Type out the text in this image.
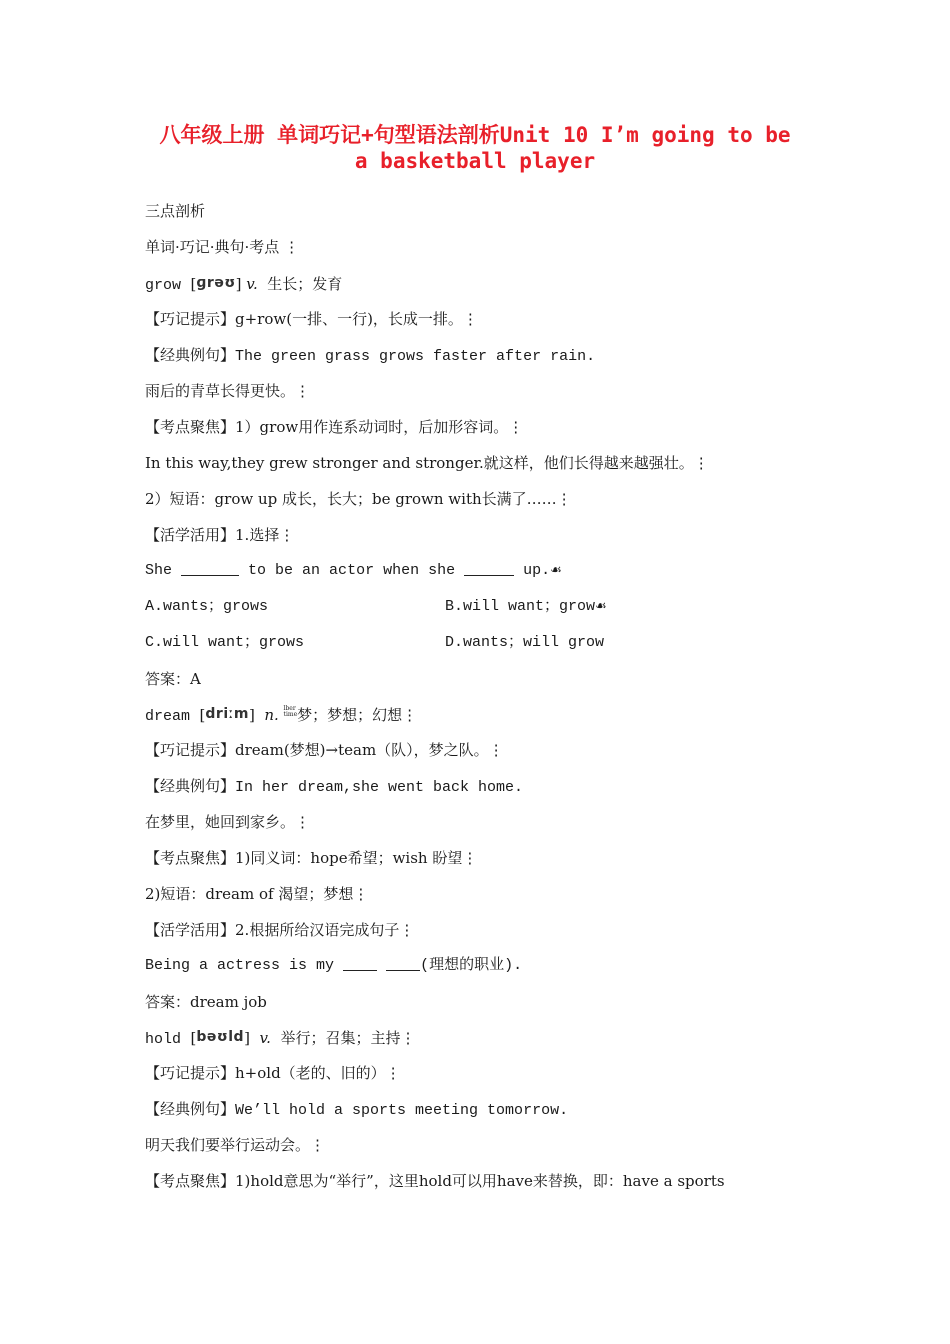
八年级上册 单词巧记+句型语法剖析Unit 10 I’m going to be
a basketball player
三点剖析
单词·巧记·典句·考点 ⋮
grow  [ɡrəʊ] v. 生长；发育
【巧记提示】g+row(一排、一行)，长成一排。⋮
【经典例句】The green grass grows faster after rain.
雨后的青草长得更快。⋮
【考点聚焦】1）grow用作连系动词时，后加形容词。⋮
In this way,they grew stronger and stronger.就这样，他们长得越来越强壮。⋮
2）短语：grow up 成长，长大；be grown with长满了……⋮
【活学活用】1.选择⋮
She	to be an actor when she	up.☙
A.wants；grows	B.will want；grow☙
C.will want；grows	D.wants；will grow
答案：A
dream  [driːm]  n. lber
time梦；梦想；幻想⋮
【巧记提示】dream(梦想)→team（队），梦之队。⋮
【经典例句】In her dream,she went back home.
在梦里，她回到家乡。⋮
【考点聚焦】1)同义词：hope希望；wish 盼望⋮
2)短语：dream of 渴望；梦想⋮
【活学活用】2.根据所给汉语完成句子⋮
Being a actress is my	(理想的职业).
答案：dream job
hold  [bəʊld]  v. 举行；召集；主持⋮
【巧记提示】h+old（老的、旧的）⋮
【经典例句】We’ll hold a sports meeting tomorrow.
明天我们要举行运动会。⋮
【考点聚焦】1)hold意思为“举行”，这里hold可以用have来替换，即：have a sports
